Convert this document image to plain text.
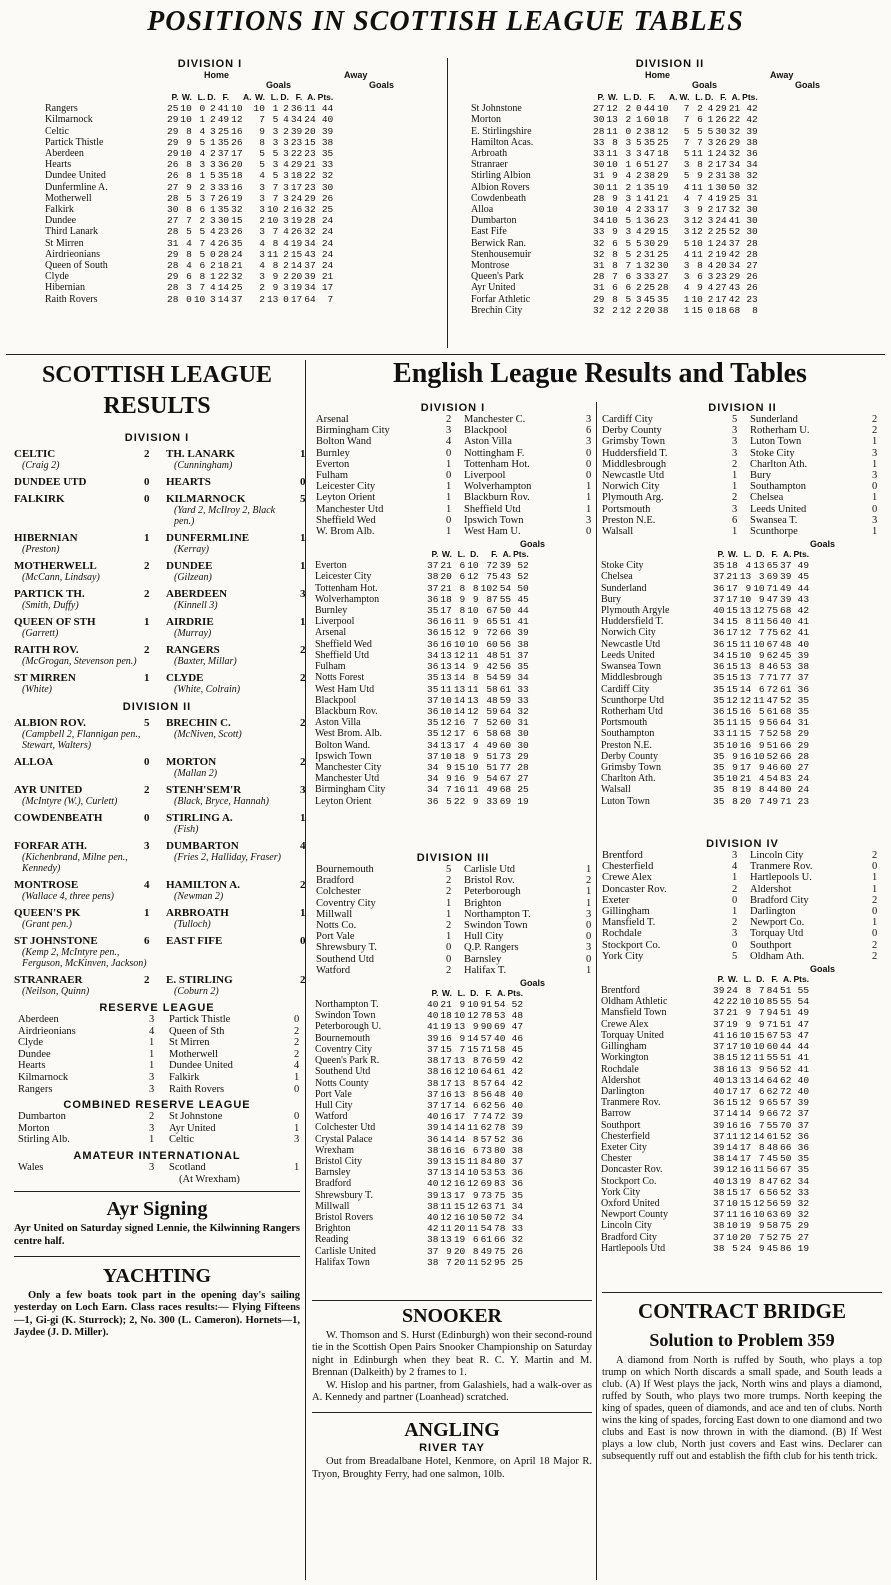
POSITIONS IN SCOTTISH LEAGUE TABLES
DIVISION I
Home	Away
Goals	Goals
	P.	W.	L.	D.	F.	A.	W.	L.	D.	F.	A.	Pts.
Rangers	25	10	0	2	41	10	10	1	2	36	11	44
Kilmarnock	29	10	1	2	49	12	7	5	4	34	24	40
Celtic	29	8	4	3	25	16	9	3	2	39	20	39
Partick Thistle	29	9	5	1	35	26	8	3	3	23	15	38
Aberdeen	29	10	4	2	37	17	5	5	3	22	23	35
Hearts	26	8	3	3	36	20	5	3	4	29	21	33
Dundee United	26	8	1	5	35	18	4	5	3	18	22	32
Dunfermline A.	27	9	2	3	33	16	3	7	3	17	23	30
Motherwell	28	5	3	7	26	19	3	7	3	24	29	26
Falkirk	30	8	6	1	35	32	3	10	2	16	32	25
Dundee	27	7	2	3	30	15	2	10	3	19	28	24
Third Lanark	28	5	5	4	23	26	3	7	4	26	32	24
St Mirren	31	4	7	4	26	35	4	8	4	19	34	24
Airdrieonians	29	8	5	0	28	24	3	11	2	15	43	24
Queen of South	28	4	6	2	18	21	4	8	2	14	37	24
Clyde	29	6	8	1	22	32	3	9	2	20	39	21
Hibernian	28	3	7	4	14	25	2	9	3	19	34	17
Raith Rovers	28	0	10	3	14	37	2	13	0	17	64	7
DIVISION II
Home	Away
Goals	Goals
	P.	W.	L.	D.	F.	A.	W.	L.	D.	F.	A.	Pts.
St Johnstone	27	12	2	0	44	10	7	2	4	29	21	42
Morton	30	13	2	1	60	18	7	6	1	26	22	42
E. Stirlingshire	28	11	0	2	38	12	5	5	5	30	32	39
Hamilton Acas.	33	8	3	5	35	25	7	7	3	26	29	38
Arbroath	33	11	3	3	47	18	5	11	1	24	32	36
Stranraer	30	10	1	6	51	27	3	8	2	17	34	34
Stirling Albion	31	9	4	2	38	29	5	9	2	31	38	32
Albion Rovers	30	11	2	1	35	19	4	11	1	30	50	32
Cowdenbeath	28	9	3	1	41	21	4	7	4	19	25	31
Alloa	30	10	4	2	33	17	3	9	2	17	32	30
Dumbarton	34	10	5	1	36	23	3	12	3	24	41	30
East Fife	33	9	3	4	29	15	3	12	2	25	52	30
Berwick Ran.	32	6	5	5	30	29	5	10	1	24	37	28
Stenhousemuir	32	8	5	2	31	25	4	11	2	19	42	28
Montrose	31	8	7	1	32	30	3	8	4	20	34	27
Queen's Park	28	7	6	3	33	27	3	6	3	23	29	26
Ayr United	31	6	6	2	25	28	4	9	4	27	43	26
Forfar Athletic	29	8	5	3	45	35	1	10	2	17	42	23
Brechin City	32	2	12	2	20	38	1	15	0	18	68	8
SCOTTISH LEAGUE
RESULTS
DIVISION I
CELTIC	2 TH. LANARK	1
(Craig 2)	(Cunningham)
DUNDEE UTD	0 HEARTS	0
FALKIRK	0 KILMARNOCK	5
(Yard 2, McIlroy 2, Black pen.)
HIBERNIAN	1 DUNFERMLINE	1
(Preston)	(Kerray)
MOTHERWELL	2 DUNDEE	1
(McCann, Lindsay)	(Gilzean)
PARTICK TH.	2 ABERDEEN	3
(Smith, Duffy)	(Kinnell 3)
QUEEN OF STH	1 AIRDRIE	1
(Garrett)	(Murray)
RAITH ROV.	2 RANGERS	2
(McGrogan, Stevenson pen.)	(Baxter, Millar)
ST MIRREN	1 CLYDE	2
(White)	(White, Colrain)
DIVISION II
ALBION ROV.	5 BRECHIN C.	2
(Campbell 2, Flannigan pen., Stewart, Walters)
(McNiven, Scott)
ALLOA	0 MORTON	2
(Mallan 2)
AYR UNITED	2 STENH'SEM'R	3
(McIntyre (W.), Curlett)	(Black, Bryce, Hannah)
COWDENBEATH	0 STIRLING A.	1
(Fish)
FORFAR ATH.	3 DUMBARTON	4
(Kichenbrand, Milne pen., Kennedy)
(Fries 2, Halliday, Fraser)
MONTROSE	4 HAMILTON A.	2
(Wallace 4, three pens)	(Newman 2)
QUEEN'S PK	1 ARBROATH	1
(Grant pen.)	(Tulloch)
ST JOHNSTONE	6 EAST FIFE	0
(Kemp 2, McIntyre pen., Ferguson, McKinven, Jackson)
STRANRAER	2 E. STIRLING	2
(Neilson, Quinn)	(Coburn 2)
RESERVE LEAGUE
Aberdeen	3 Partick Thistle	0
Airdrieonians	4 Queen of Sth	2
Clyde	1 St Mirren	2
Dundee	1 Motherwell	2
Hearts	1 Dundee United	4
Kilmarnock	3 Falkirk	1
Rangers	3 Raith Rovers	0
COMBINED RESERVE LEAGUE
Dumbarton	2 St Johnstone	0
Morton	3 Ayr United	1
Stirling Alb.	1 Celtic	3
AMATEUR INTERNATIONAL
Wales	3 Scotland	1
(At Wrexham)
Ayr Signing
Ayr United on Saturday signed Lennie, the Kilwinning Rangers centre half.
YACHTING
Only a few boats took part in the opening day's sailing yesterday on Loch Earn. Class races results:— Flying Fifteens—1, Gi-gi (K. Sturrock); 2, No. 300 (L. Cameron). Hornets—1, Jaydee (J. D. Miller).
English League Results and Tables
DIVISION I
Arsenal	2 Manchester C.	3
Birmingham City	3 Blackpool	6
Bolton Wand	4 Aston Villa	3
Burnley	0 Nottingham F.	0
Everton	1 Tottenham Hot.	0
Fulham	0 Liverpool	0
Leicester City	1 Wolverhampton	1
Leyton Orient	1 Blackburn Rov.	1
Manchester Utd	1 Sheffield Utd	1
Sheffield Wed	0 Ipswich Town	3
W. Brom Alb.	1 West Ham U.	0
Goals
	P.	W.	L.	D.	F.	A.	Pts.
Everton	37	21	6	10	72	39	52
Leicester City	38	20	6	12	75	43	52
Tottenham Hot.	37	21	8	8	102	54	50
Wolverhampton	36	18	9	9	87	55	45
Burnley	35	17	8	10	67	50	44
Liverpool	36	16	11	9	65	51	41
Arsenal	36	15	12	9	72	66	39
Sheffield Wed	36	16	10	10	60	56	38
Sheffield Utd	34	13	12	11	48	51	37
Fulham	36	13	14	9	42	56	35
Notts Forest	35	13	14	8	54	59	34
West Ham Utd	35	11	13	11	58	61	33
Blackpool	37	10	14	13	48	59	33
Blackburn Rov.	36	10	14	12	59	64	32
Aston Villa	35	12	16	7	52	60	31
West Brom. Alb.	35	12	17	6	58	68	30
Bolton Wand.	34	13	17	4	49	60	30
Ipswich Town	37	10	18	9	51	73	29
Manchester City	34	9	15	10	51	77	28
Manchester Utd	34	9	16	9	54	67	27
Birmingham City	34	7	16	11	49	68	25
Leyton Orient	36	5	22	9	33	69	19
DIVISION II
Cardiff City	5 Sunderland	2
Derby County	3 Rotherham U.	2
Grimsby Town	3 Luton Town	1
Huddersfield T.	3 Stoke City	3
Middlesbrough	2 Charlton Ath.	1
Newcastle Utd	1 Bury	3
Norwich City	1 Southampton	0
Plymouth Arg.	2 Chelsea	1
Portsmouth	3 Leeds United	0
Preston N.E.	6 Swansea T.	3
Walsall	1 Scunthorpe	1
Goals
	P.	W.	L.	D.	F.	A.	Pts.
Stoke City	35	18	4	13	65	37	49
Chelsea	37	21	13	3	69	39	45
Sunderland	36	17	9	10	71	49	44
Bury	37	17	10	9	47	39	43
Plymouth Argyle	40	15	13	12	75	68	42
Huddersfield T.	34	15	8	11	56	40	41
Norwich City	36	17	12	7	75	62	41
Newcastle Utd	36	15	11	10	67	48	40
Leeds United	34	15	10	9	62	45	39
Swansea Town	36	15	13	8	46	53	38
Middlesbrough	35	15	13	7	71	77	37
Cardiff City	35	15	14	6	72	61	36
Scunthorpe Utd	35	12	12	11	47	52	35
Rotherham Utd	36	15	16	5	61	68	35
Portsmouth	35	11	15	9	56	64	31
Southampton	33	11	15	7	52	58	29
Preston N.E.	35	10	16	9	51	66	29
Derby County	35	9	16	10	52	66	28
Grimsby Town	35	9	17	9	46	60	27
Charlton Ath.	35	10	21	4	54	83	24
Walsall	35	8	19	8	44	80	24
Luton Town	35	8	20	7	49	71	23
DIVISION III
Bournemouth	5 Carlisle Utd	1
Bradford	2 Bristol Rov.	2
Colchester	2 Peterborough	1
Coventry City	1 Brighton	1
Millwall	1 Northampton T.	3
Notts Co.	2 Swindon Town	0
Port Vale	1 Hull City	0
Shrewsbury T.	0 Q.P. Rangers	3
Southend Utd	0 Barnsley	0
Watford	2 Halifax T.	1
Goals
	P.	W.	L.	D.	F.	A.	Pts.
Northampton T.	40	21	9	10	91	54	52
Swindon Town	40	18	10	12	78	53	48
Peterborough U.	41	19	13	9	90	69	47
Bournemouth	39	16	9	14	57	40	46
Coventry City	37	15	7	15	71	58	45
Queen's Park R.	38	17	13	8	76	59	42
Southend Utd	38	16	12	10	64	61	42
Notts County	38	17	13	8	57	64	42
Port Vale	37	16	13	8	56	48	40
Hull City	37	17	14	6	62	56	40
Watford	40	16	17	7	74	72	39
Colchester Utd	39	14	14	11	62	78	39
Crystal Palace	36	14	14	8	57	52	36
Wrexham	38	16	16	6	73	80	38
Bristol City	39	13	15	11	84	80	37
Barnsley	37	13	14	10	53	53	36
Bradford	40	12	16	12	69	83	36
Shrewsbury T.	39	13	17	9	73	75	35
Millwall	38	11	15	12	63	71	34
Bristol Rovers	40	12	16	10	50	72	34
Brighton	42	11	20	11	54	78	33
Reading	38	13	19	6	61	66	32
Carlisle United	37	9	20	8	49	75	26
Halifax Town	38	7	20	11	52	95	25
DIVISION IV
Brentford	3 Lincoln City	2
Chesterfield	4 Tranmere Rov.	0
Crewe Alex	1 Hartlepools U.	1
Doncaster Rov.	2 Aldershot	1
Exeter	0 Bradford City	2
Gillingham	1 Darlington	0
Mansfield T.	2 Newport Co.	1
Rochdale	3 Torquay Utd	0
Stockport Co.	0 Southport	2
York City	5 Oldham Ath.	2
Goals
	P.	W.	L.	D.	F.	A.	Pts.
Brentford	39	24	8	7	84	51	55
Oldham Athletic	42	22	10	10	85	55	54
Mansfield Town	37	21	9	7	94	51	49
Crewe Alex	37	19	9	9	71	51	47
Torquay United	41	16	10	15	67	53	47
Gillingham	37	17	10	10	60	44	44
Workington	38	15	12	11	55	51	41
Rochdale	38	16	13	9	56	52	41
Aldershot	40	13	13	14	64	62	40
Darlington	40	17	17	6	62	72	40
Tranmere Rov.	36	15	12	9	65	57	39
Barrow	37	14	14	9	66	72	37
Southport	39	16	16	7	55	70	37
Chesterfield	37	11	12	14	61	52	36
Exeter City	39	14	17	8	48	66	36
Chester	38	14	17	7	45	50	35
Doncaster Rov.	39	12	16	11	56	67	35
Stockport Co.	40	13	19	8	47	62	34
York City	38	15	17	6	56	52	33
Oxford United	37	10	15	12	56	59	32
Newport County	37	11	16	10	63	69	32
Lincoln City	38	10	19	9	58	75	29
Bradford City	37	10	20	7	52	75	27
Hartlepools Utd	38	5	24	9	45	86	19
SNOOKER
W. Thomson and S. Hurst (Edinburgh) won their second-round tie in the Scottish Open Pairs Snooker Championship on Saturday night in Edinburgh when they beat R. C. Y. Martin and M. Brennan (Dalkeith) by 2 frames to 1.
W. Hislop and his partner, from Galashiels, had a walk-over as A. Kennedy and partner (Loanhead) scratched.
ANGLING
RIVER TAY
Out from Breadalbane Hotel, Kenmore, on April 18 Major R. Tryon, Broughty Ferry, had one salmon, 10lb.
CONTRACT BRIDGE
Solution to Problem 359
A diamond from North is ruffed by South, who plays a top trump on which North discards a small spade, and South leads a club. (A) If West plays the jack, North wins and plays a diamond, ruffed by South, who plays two more trumps. North keeping the king of spades, queen of diamonds, and ace and ten of clubs. North wins the king of spades, forcing East down to one diamond and two clubs and East is now thrown in with the diamond. (B) If West plays a low club, North just covers and East wins. Declarer can subsequently ruff out and establish the fifth club for his tenth trick.
